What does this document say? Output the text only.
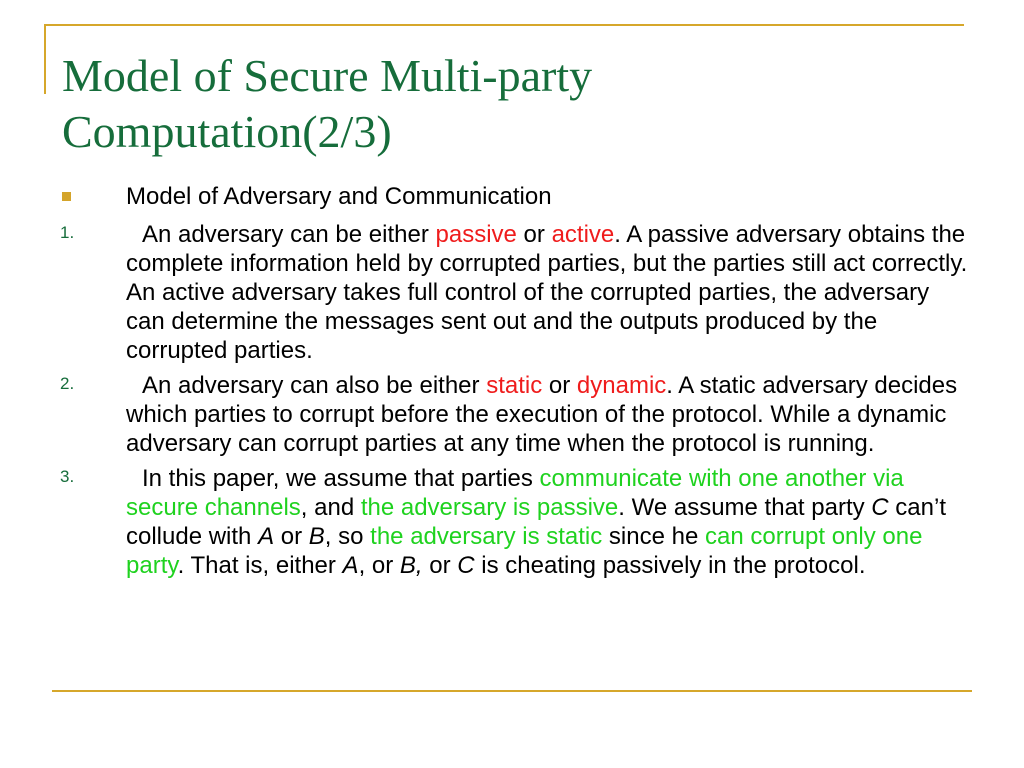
Model of Secure Multi-party
Computation(2/3)
Model of Adversary and Communication
1.	An adversary can be either passive or active. A passive adversary obtains the complete information held by corrupted parties, but the parties still act correctly. An active adversary takes full control of the corrupted parties, the adversary can determine the messages sent out and the outputs produced by the corrupted parties.
2.	An adversary can also be either static or dynamic. A static adversary decides which parties to corrupt before the execution of the protocol. While a dynamic adversary can corrupt parties at any time when the protocol is running.
3.	In this paper, we assume that parties communicate with one another via secure channels, and the adversary is passive. We assume that party C can’t collude with A or B, so the adversary is static since he can corrupt only one party. That is, either A, or B, or C is cheating passively in the protocol.
